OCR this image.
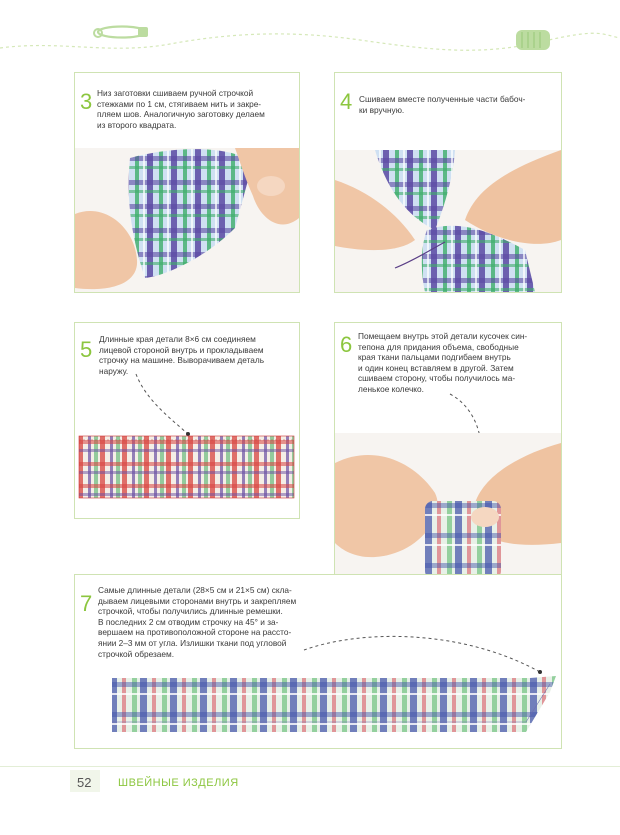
3 Низ заготовки сшиваем ручной строчкой
стежками по 1 см, стягиваем нить и закре-
пляем шов. Аналогичную заготовку делаем
из второго квадрата.
4 Сшиваем вместе полученные части бабоч-
ки вручную.
5 Длинные края детали 8×6 см соединяем
лицевой стороной внутрь и прокладываем
строчку на машине. Выворачиваем деталь
наружу.
6 Помещаем внутрь этой детали кусочек син-
тепона для придания объема, свободные
края ткани пальцами подгибаем внутрь
и один конец вставляем в другой. Затем
сшиваем сторону, чтобы получилось ма-
ленькое колечко.
7
Самые длинные детали (28×5 см и 21×5 см) скла-
дываем лицевыми сторонами внутрь и закрепляем
строчкой, чтобы получились длинные ремешки.
В последних 2 см отводим строчку на 45° и за-
вершаем на противоположной стороне на рассто-
янии 2–3 мм от угла. Излишки ткани под угловой
строчкой обрезаем.
52 ШВЕЙНЫЕ ИЗДЕЛИЯ
